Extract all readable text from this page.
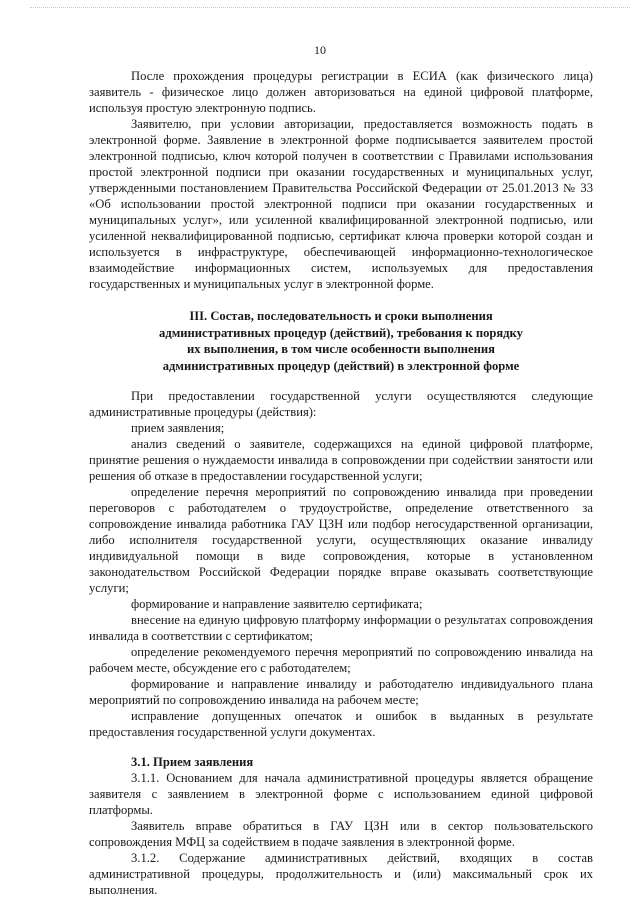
10

После прохождения процедуры регистрации в ЕСИА (как физического лица) заявитель - физическое лицо должен авторизоваться на единой цифровой платформе, используя простую электронную подпись.

Заявителю, при условии авторизации, предоставляется возможность подать в электронной форме. Заявление в электронной форме подписывается заявителем простой электронной подписью, ключ которой получен в соответствии с Правилами использования простой электронной подписи при оказании государственных и муниципальных услуг, утвержденными постановлением Правительства Российской Федерации от 25.01.2013 № 33 «Об использовании простой электронной подписи при оказании государственных и муниципальных услуг», или усиленной квалифицированной электронной подписью, или усиленной неквалифицированной подписью, сертификат ключа проверки которой создан и используется в инфраструктуре, обеспечивающей информационно-технологическое взаимодействие информационных систем, используемых для предоставления государственных и муниципальных услуг в электронной форме.

III. Состав, последовательность и сроки выполнения
административных процедур (действий), требования к порядку
их выполнения, в том числе особенности выполнения
административных процедур (действий) в электронной форме

При предоставлении государственной услуги осуществляются следующие административные процедуры (действия):

прием заявления;

анализ сведений о заявителе, содержащихся на единой цифровой платформе, принятие решения о нуждаемости инвалида в сопровождении при содействии занятости или решения об отказе в предоставлении государственной услуги;

определение перечня мероприятий по сопровождению инвалида при проведении переговоров с работодателем о трудоустройстве, определение ответственного за сопровождение инвалида работника ГАУ ЦЗН или подбор негосударственной организации, либо исполнителя государственной услуги, осуществляющих оказание инвалиду индивидуальной помощи в виде сопровождения, которые в установленном законодательством Российской Федерации порядке вправе оказывать соответствующие услуги;

формирование и направление заявителю сертификата;

внесение на единую цифровую платформу информации о результатах сопровождения инвалида в соответствии с сертификатом;

определение рекомендуемого перечня мероприятий по сопровождению инвалида на рабочем месте, обсуждение его с работодателем;

формирование и направление инвалиду и работодателю индивидуального плана мероприятий по сопровождению инвалида на рабочем месте;

исправление допущенных опечаток и ошибок в выданных в результате предоставления государственной услуги документах.

3.1. Прием заявления

3.1.1. Основанием для начала административной процедуры является обращение заявителя с заявлением в электронной форме с использованием единой цифровой платформы.

Заявитель вправе обратиться в ГАУ ЦЗН или в сектор пользовательского сопровождения МФЦ за содействием в подаче заявления в электронной форме.

3.1.2. Содержание административных действий, входящих в состав административной процедуры, продолжительность и (или) максимальный срок их выполнения.
